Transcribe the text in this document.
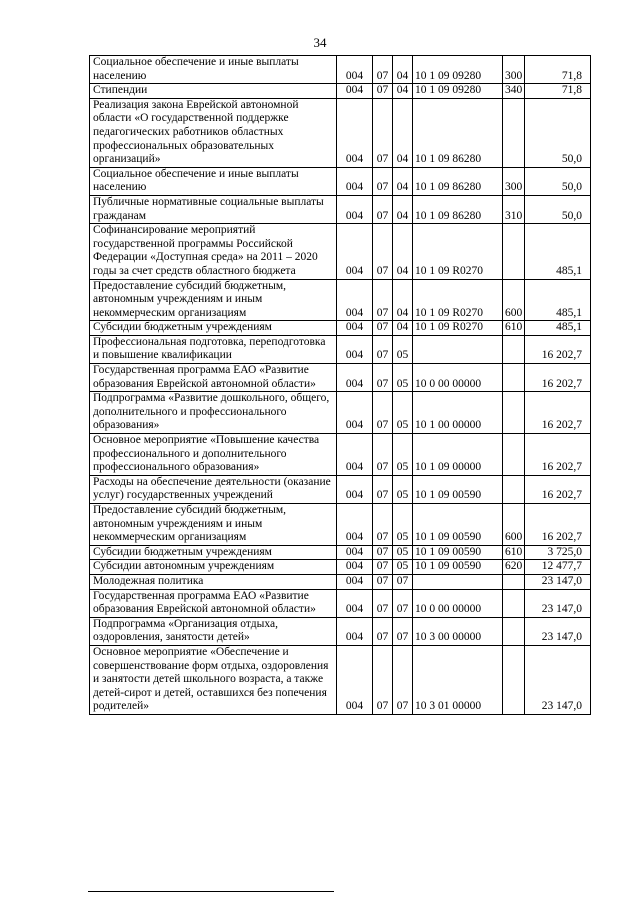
34
Социальное обеспечение и иные выплаты населению	004	07	04	10 1 09 09280	300	71,8
Стипендии	004	07	04	10 1 09 09280	340	71,8
Реализация закона Еврейской автономной области «О государственной поддержке педагогических работников областных профессиональных образовательных организаций»	004	07	04	10 1 09 86280		50,0
Социальное обеспечение и иные выплаты населению	004	07	04	10 1 09 86280	300	50,0
Публичные нормативные социальные выплаты гражданам	004	07	04	10 1 09 86280	310	50,0
Софинансирование мероприятий государственной программы Российской Федерации «Доступная среда» на 2011 – 2020 годы за счет средств областного бюджета	004	07	04	10 1 09 R0270		485,1
Предоставление субсидий бюджетным, автономным учреждениям и иным некоммерческим организациям	004	07	04	10 1 09 R0270	600	485,1
Субсидии бюджетным учреждениям	004	07	04	10 1 09 R0270	610	485,1
Профессиональная подготовка, переподготовка и повышение квалификации	004	07	05			16 202,7
Государственная программа ЕАО «Развитие образования Еврейской автономной области»	004	07	05	10 0 00 00000		16 202,7
Подпрограмма «Развитие дошкольного, общего, дополнительного и профессионального образования»	004	07	05	10 1 00 00000		16 202,7
Основное мероприятие «Повышение качества профессионального и дополнительного профессионального образования»	004	07	05	10 1 09 00000		16 202,7
Расходы на обеспечение деятельности (оказание услуг) государственных учреждений	004	07	05	10 1 09 00590		16 202,7
Предоставление субсидий бюджетным, автономным учреждениям и иным некоммерческим организациям	004	07	05	10 1 09 00590	600	16 202,7
Субсидии бюджетным учреждениям	004	07	05	10 1 09 00590	610	3 725,0
Субсидии автономным учреждениям	004	07	05	10 1 09 00590	620	12 477,7
Молодежная политика	004	07	07			23 147,0
Государственная программа ЕАО «Развитие образования Еврейской автономной области»	004	07	07	10 0 00 00000		23 147,0
Подпрограмма «Организация отдыха, оздоровления, занятости детей»	004	07	07	10 3 00 00000		23 147,0
Основное мероприятие «Обеспечение и совершенствование форм отдыха, оздоровления и занятости детей школьного возраста, а также детей-сирот и детей, оставшихся без попечения родителей»	004	07	07	10 3 01 00000		23 147,0
